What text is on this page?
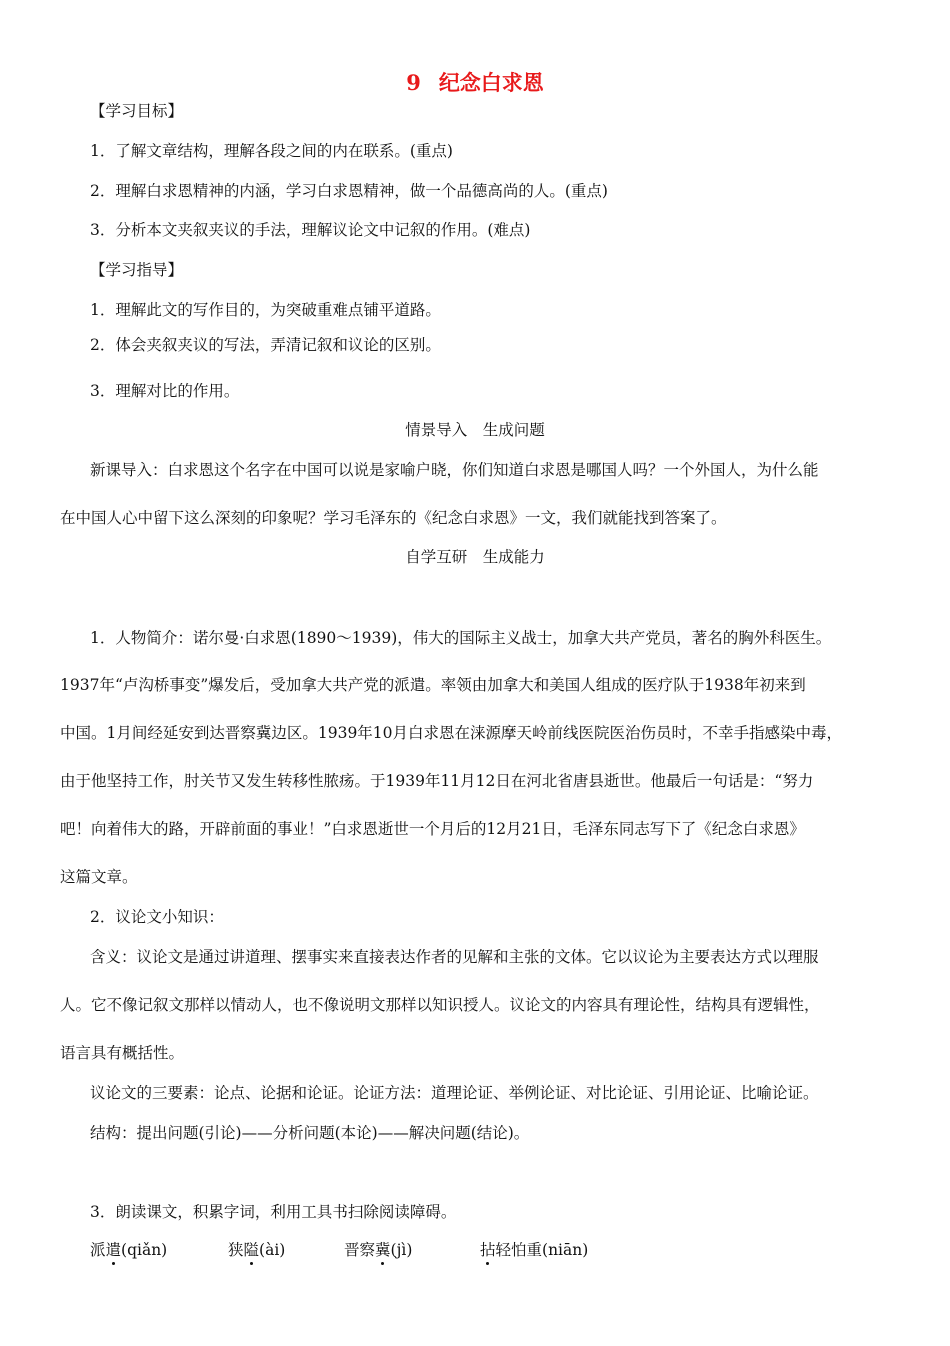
9 纪念白求恩
【学习目标】
1．了解文章结构，理解各段之间的内在联系。(重点)
2．理解白求恩精神的内涵，学习白求恩精神，做一个品德高尚的人。(重点)
3．分析本文夹叙夹议的手法，理解议论文中记叙的作用。(难点)
【学习指导】
1．理解此文的写作目的，为突破重难点铺平道路。
2．体会夹叙夹议的写法，弄清记叙和议论的区别。
3．理解对比的作用。
情景导入　生成问题
新课导入：白求恩这个名字在中国可以说是家喻户晓，你们知道白求恩是哪国人吗？一个外国人，为什么能
在中国人心中留下这么深刻的印象呢？学习毛泽东的《纪念白求恩》一文，我们就能找到答案了。
自学互研　生成能力
1．人物简介：诺尔曼·白求恩(1890～1939)，伟大的国际主义战士，加拿大共产党员，著名的胸外科医生。
1937年“卢沟桥事变”爆发后，受加拿大共产党的派遣。率领由加拿大和美国人组成的医疗队于1938年初来到
中国。1月间经延安到达晋察冀边区。1939年10月白求恩在涞源摩天岭前线医院医治伤员时，不幸手指感染中毒，
由于他坚持工作，肘关节又发生转移性脓疡。于1939年11月12日在河北省唐县逝世。他最后一句话是：“努力
吧！向着伟大的路，开辟前面的事业！”白求恩逝世一个月后的12月21日，毛泽东同志写下了《纪念白求恩》
这篇文章。
2．议论文小知识：
含义：议论文是通过讲道理、摆事实来直接表达作者的见解和主张的文体。它以议论为主要表达方式以理服
人。它不像记叙文那样以情动人，也不像说明文那样以知识授人。议论文的内容具有理论性，结构具有逻辑性，
语言具有概括性。
议论文的三要素：论点、论据和论证。论证方法：道理论证、举例论证、对比论证、引用论证、比喻论证。
结构：提出问题(引论)——分析问题(本论)——解决问题(结论)。
3．朗读课文，积累字词，利用工具书扫除阅读障碍。
派遣(qiǎn)	狭隘(ài)	晋察冀(jì)	拈轻怕重(niān)
